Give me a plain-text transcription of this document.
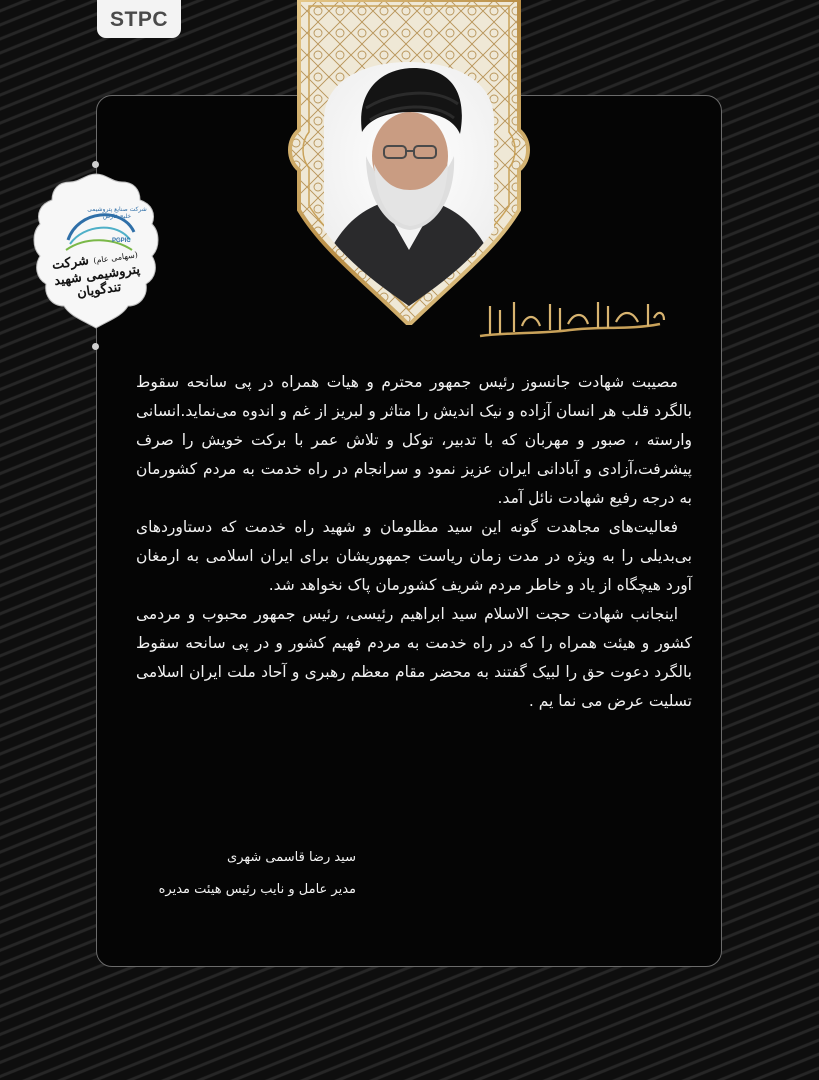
STPC
شرکت صنایع پتروشیمی خلیج فارس
PGPIC
(سهامی عام) شرکت پتروشیمی شهید تندگویان

مصیبت شهادت جانسوز رئیس جمهور محترم و هیات همراه در پی سانحه سقوط بالگرد قلب هر انسان آزاده و نیک اندیش را متاثر و لبریز از غم و اندوه می‌نماید.انسانی وارسته ، صبور و مهربان که با تدبیر، توکل و تلاش عمر با برکت خویش را صرف پیشرفت،آزادی و آبادانی ایران عزیز نمود و سرانجام در راه خدمت به مردم کشورمان به درجه رفیع شهادت نائل آمد.

فعالیت‌های مجاهدت گونه این سید مظلومان و شهید راه خدمت که دستاوردهای بی‌بدیلی را به ویژه در مدت زمان ریاست جمهوریشان برای ایران اسلامی به ارمغان آورد هیچگاه از یاد و خاطر مردم شریف کشورمان پاک نخواهد شد.

اینجانب شهادت حجت الاسلام سید ابراهیم رئیسی، رئیس جمهور محبوب و مردمی کشور و هیئت همراه را که در راه خدمت به مردم فهیم کشور و در پی سانحه سقوط بالگرد دعوت حق را لبیک گفتند به محضر مقام معظم رهبری و آحاد ملت ایران اسلامی تسلیت عرض می نما یم .

سید رضا قاسمی شهری
مدیر عامل و نایب رئیس هیئت مدیره
